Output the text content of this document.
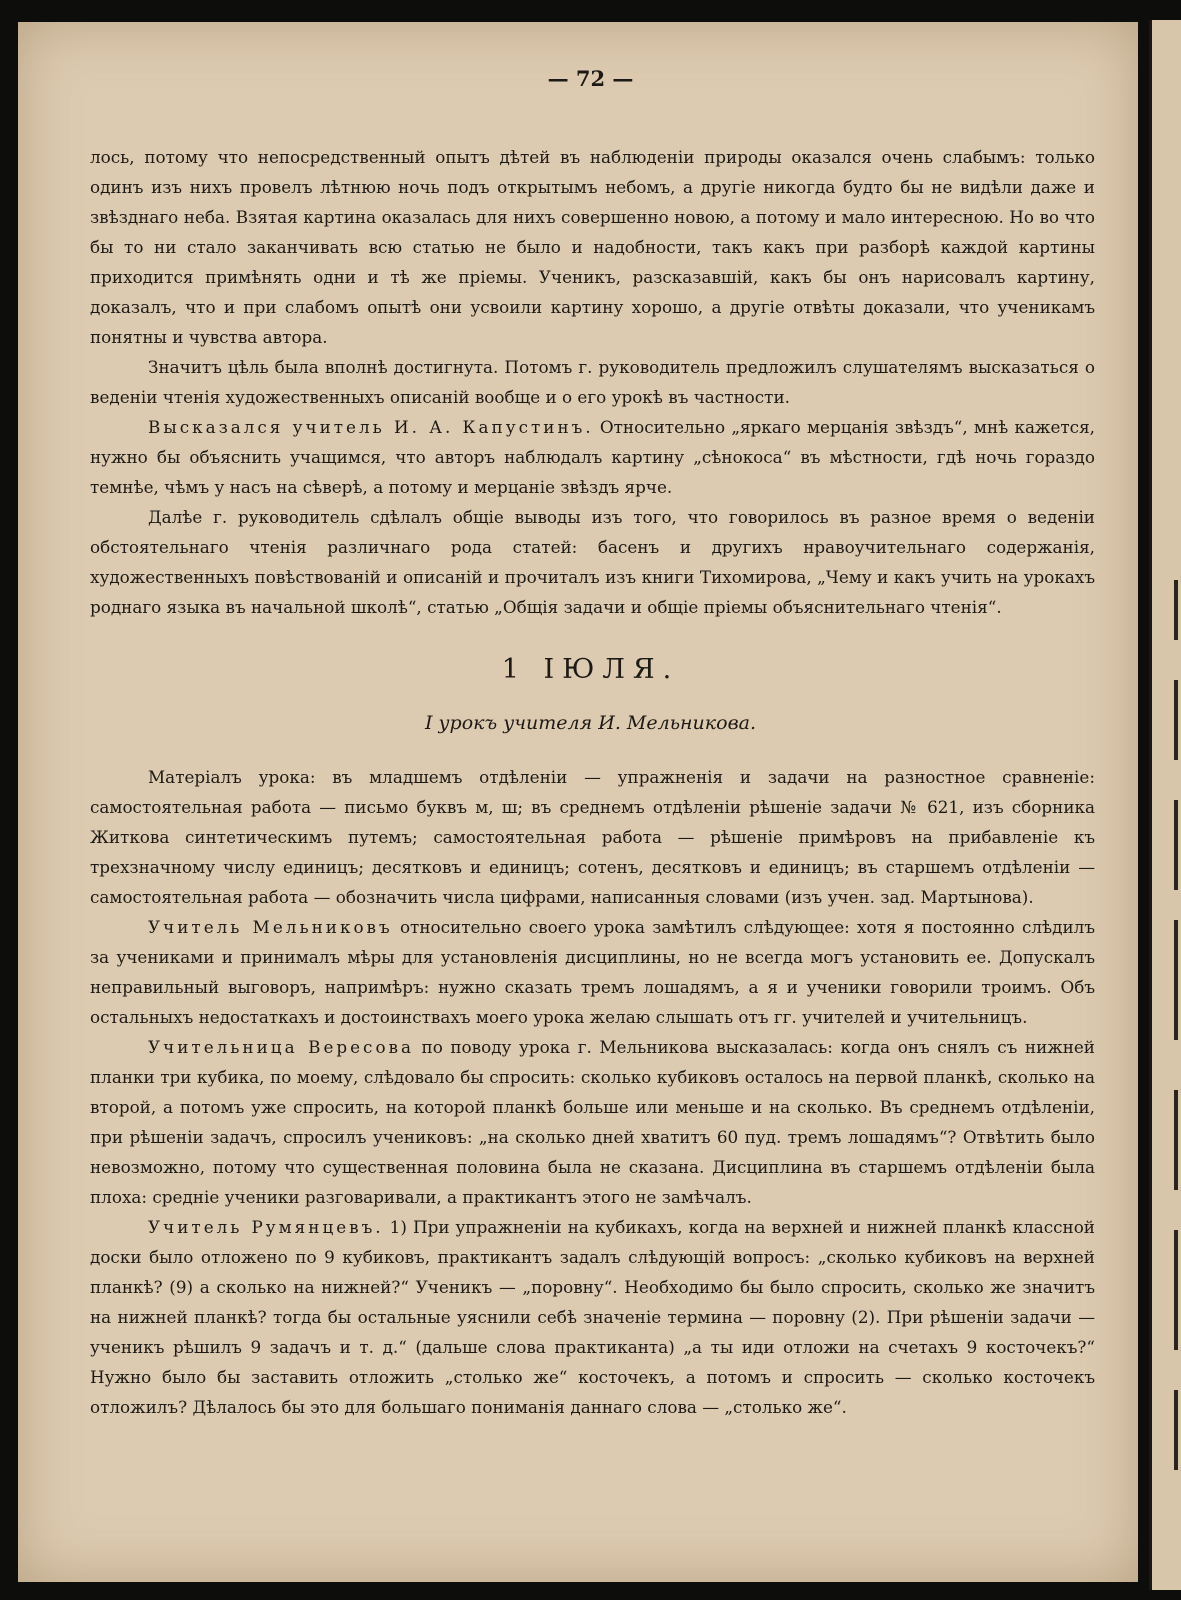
— 72 —

лось, потому что непосредственный опытъ дѣтей въ наблюденіи природы оказался очень слабымъ: только одинъ изъ нихъ провелъ лѣтнюю ночь подъ открытымъ небомъ, а другіе никогда будто бы не видѣли даже и звѣзднаго неба. Взятая картина оказалась для нихъ совершенно новою, а потому и мало интересною. Но во что бы то ни стало заканчивать всю статью не было и надобности, такъ какъ при разборѣ каждой картины приходится примѣнять одни и тѣ же пріемы. Ученикъ, разсказавшій, какъ бы онъ нарисовалъ картину, доказалъ, что и при слабомъ опытѣ они усвоили картину хорошо, а другіе отвѣты доказали, что ученикамъ понятны и чувства автора.

Значитъ цѣль была вполнѣ достигнута. Потомъ г. руководитель предложилъ слушателямъ высказаться о веденіи чтенія художественныхъ описаній вообще и о его урокѣ въ частности.

Высказался учитель И. А. Капустинъ. Относительно „яркаго мерцанія звѣздъ“, мнѣ кажется, нужно бы объяснить учащимся, что авторъ наблюдалъ картину „сѣнокоса“ въ мѣстности, гдѣ ночь гораздо темнѣе, чѣмъ у насъ на сѣверѣ, а потому и мерцаніе звѣздъ ярче.

Далѣе г. руководитель сдѣлалъ общіе выводы изъ того, что говорилось въ разное время о веденіи обстоятельнаго чтенія различнаго рода статей: басенъ и другихъ нравоучительнаго содержанія, художественныхъ повѣствованій и описаній и прочиталъ изъ книги Тихомирова, „Чему и какъ учить на урокахъ роднаго языка въ начальной школѣ“, статью „Общія задачи и общіе пріемы объяснительнаго чтенія“.

1 ІЮЛЯ.
І урокъ учителя И. Мельникова.

Матеріалъ урока: въ младшемъ отдѣленіи — упражненія и задачи на разностное сравненіе: самостоятельная работа — письмо буквъ м, ш; въ среднемъ отдѣленіи рѣшеніе задачи № 621, изъ сборника Житкова синтетическимъ путемъ; самостоятельная работа — рѣшеніе примѣровъ на прибавленіе къ трехзначному числу единицъ; десятковъ и единицъ; сотенъ, десятковъ и единицъ; въ старшемъ отдѣленіи — самостоятельная работа — обозначить числа цифрами, написанныя словами (изъ учен. зад. Мартынова).

Учитель Мельниковъ относительно своего урока замѣтилъ слѣдующее: хотя я постоянно слѣдилъ за учениками и принималъ мѣры для установленія дисциплины, но не всегда могъ установить ее. Допускалъ неправильный выговоръ, напримѣръ: нужно сказать тремъ лошадямъ, а я и ученики говорили троимъ. Объ остальныхъ недостаткахъ и достоинствахъ моего урока желаю слышать отъ гг. учителей и учительницъ.

Учительница Вересова по поводу урока г. Мельникова высказалась: когда онъ снялъ съ нижней планки три кубика, по моему, слѣдовало бы спросить: сколько кубиковъ осталось на первой планкѣ, сколько на второй, а потомъ уже спросить, на которой планкѣ больше или меньше и на сколько. Въ среднемъ отдѣленіи, при рѣшеніи задачъ, спросилъ учениковъ: „на сколько дней хватитъ 60 пуд. тремъ лошадямъ“? Отвѣтить было невозможно, потому что существенная половина была не сказана. Дисциплина въ старшемъ отдѣленіи была плоха: средніе ученики разговаривали, а практикантъ этого не замѣчалъ.

Учитель Румянцевъ. 1) При упражненіи на кубикахъ, когда на верхней и нижней планкѣ классной доски было отложено по 9 кубиковъ, практикантъ задалъ слѣдующій вопросъ: „сколько кубиковъ на верхней планкѣ? (9) а сколько на нижней?“ Ученикъ — „поровну“. Необходимо бы было спросить, сколько же значитъ на нижней планкѣ? тогда бы остальные уяснили себѣ значеніе термина — поровну (2). При рѣшеніи задачи — ученикъ рѣшилъ 9 задачъ и т. д.“ (дальше слова практиканта) „а ты иди отложи на счетахъ 9 косточекъ?“ Нужно было бы заставить отложить „столько же“ косточекъ, а потомъ и спросить — сколько косточекъ отложилъ? Дѣлалось бы это для большаго пониманія даннаго слова — „столько же“.
